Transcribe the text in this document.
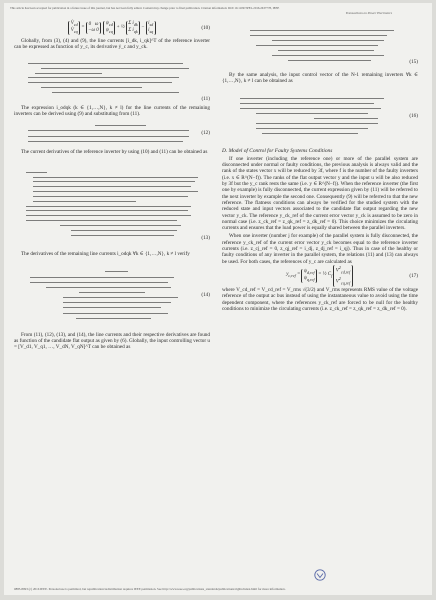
This article has been accepted for publication in a future issue of this journal, but has not been fully edited. Content may change prior to final publication. Citation information: DOI 10.1109/TPEL.2016.2637778, IEEE
Transactions on Power Electronics
$V̇_{cd}$
$V̇_{cq}$
=
0   ω
−ω 0
$\psi_{cd}$
$\psi_{cq}$
+ ½
Σ $i_{dk}$
Σ $i_{qk}$
−
$i_{sd}$
$i_{sq}$
(10)

Globally, from (3), (4) and (9), the line currents [i_dk, i_qk]^T of the reference inverter can be expressed as function of y_c, its derivative ẏ_c and y_ck.

(11)

The expression i_odqk (k ∈ {1,…,N}, k ≠ l) for the line currents of the remaining inverters can be derived using (9) and substituting from (11).

(12)

The current derivatives of the reference inverter by using (10) and (11) can be obtained as

(13)

The derivatives of the remaining line currents i_odqk ∀k ∈ {1,…,N}, k ≠ l verify

(14)

From (11), (12), (13), and (14), the line currents and their respective derivatives are found as function of the candidate flat output as given by (6). Globally, the input controlling vector u = [V_d1, V_q1, …, V_dN, V_qN]^T can be obtained as

(15)

By the same analysis, the input control vector of the N-1 remaining inverters ∀k ∈ {1,…,N}, k ≠ l can be obtained as

(16)
D. Model of Control for Faulty Systems Conditions

If one inverter (including the reference one) or more of the parallel system are disconnected under normal or faulty conditions, the previous analysis is always valid and the rank of the states vector x will be reduced by 3f, where f is the number of the faulty inverters (i.e. x ∈ R^(N−f)). The ranks of the flat output vector y and the input u will be also reduced by 3f but the y_c rank rests the same (i.e. y ∈ R^(N−f)). When the reference inverter (the first one by example) is fully disconnected, the current expression given by (11) will be referred to the next inverter by example the second one. Consequently (9) will be referred to that the new reference. The flatness conditions can always be verified for the studied system with the reduced state and input vectors associated to the candidate flat output regarding the new vector y_ck. The reference y_ck_ref of the current error vector y_ck is assumed to be zero in normal case (i.e. z_ck_ref = z_qk_ref = z_dk_ref = 0). This choice minimizes the circulating currents and ensures that the load power is equally shared between the parallel inverters.

When one inverter (number j for example) of the parallel system is fully disconnected, the reference y_ck_ref of the current error vector y_ck becomes equal to the reference inverter currents (i.e. z_cj_ref = 0, z_qj_ref = i_dj, z_dj_ref = i_qj). Thus in case of the healthy or faulty conditions of any inverter in the parallel system, the relations (11) and (13) can always be used. For both cases, the references of y_c are calculated as

$y_{c,ref}$ =
$\psi_{d,ref}$
$\psi_{q,ref}$
= ½ $C_f$
$V^2_{cd,ref}$
$V^2_{cq,ref}$
(17)

where V_cd_ref = V_cd_ref = V_rms √(3/2) and V_rms represents RMS value of the voltage reference of the output ac bus instead of using the instantaneous value to avoid using the time dependent component, where the references y_ck_ref are forced to be null for the healthy conditions to minimize the circulating currents (i.e. z_ck_ref = z_qk_ref = z_dk_ref = 0).

0885-8993 (c) 2016 IEEE. Personal use is permitted, but republication/redistribution requires IEEE permission. See http://www.ieee.org/publications_standards/publications/rights/index.html for more information.
